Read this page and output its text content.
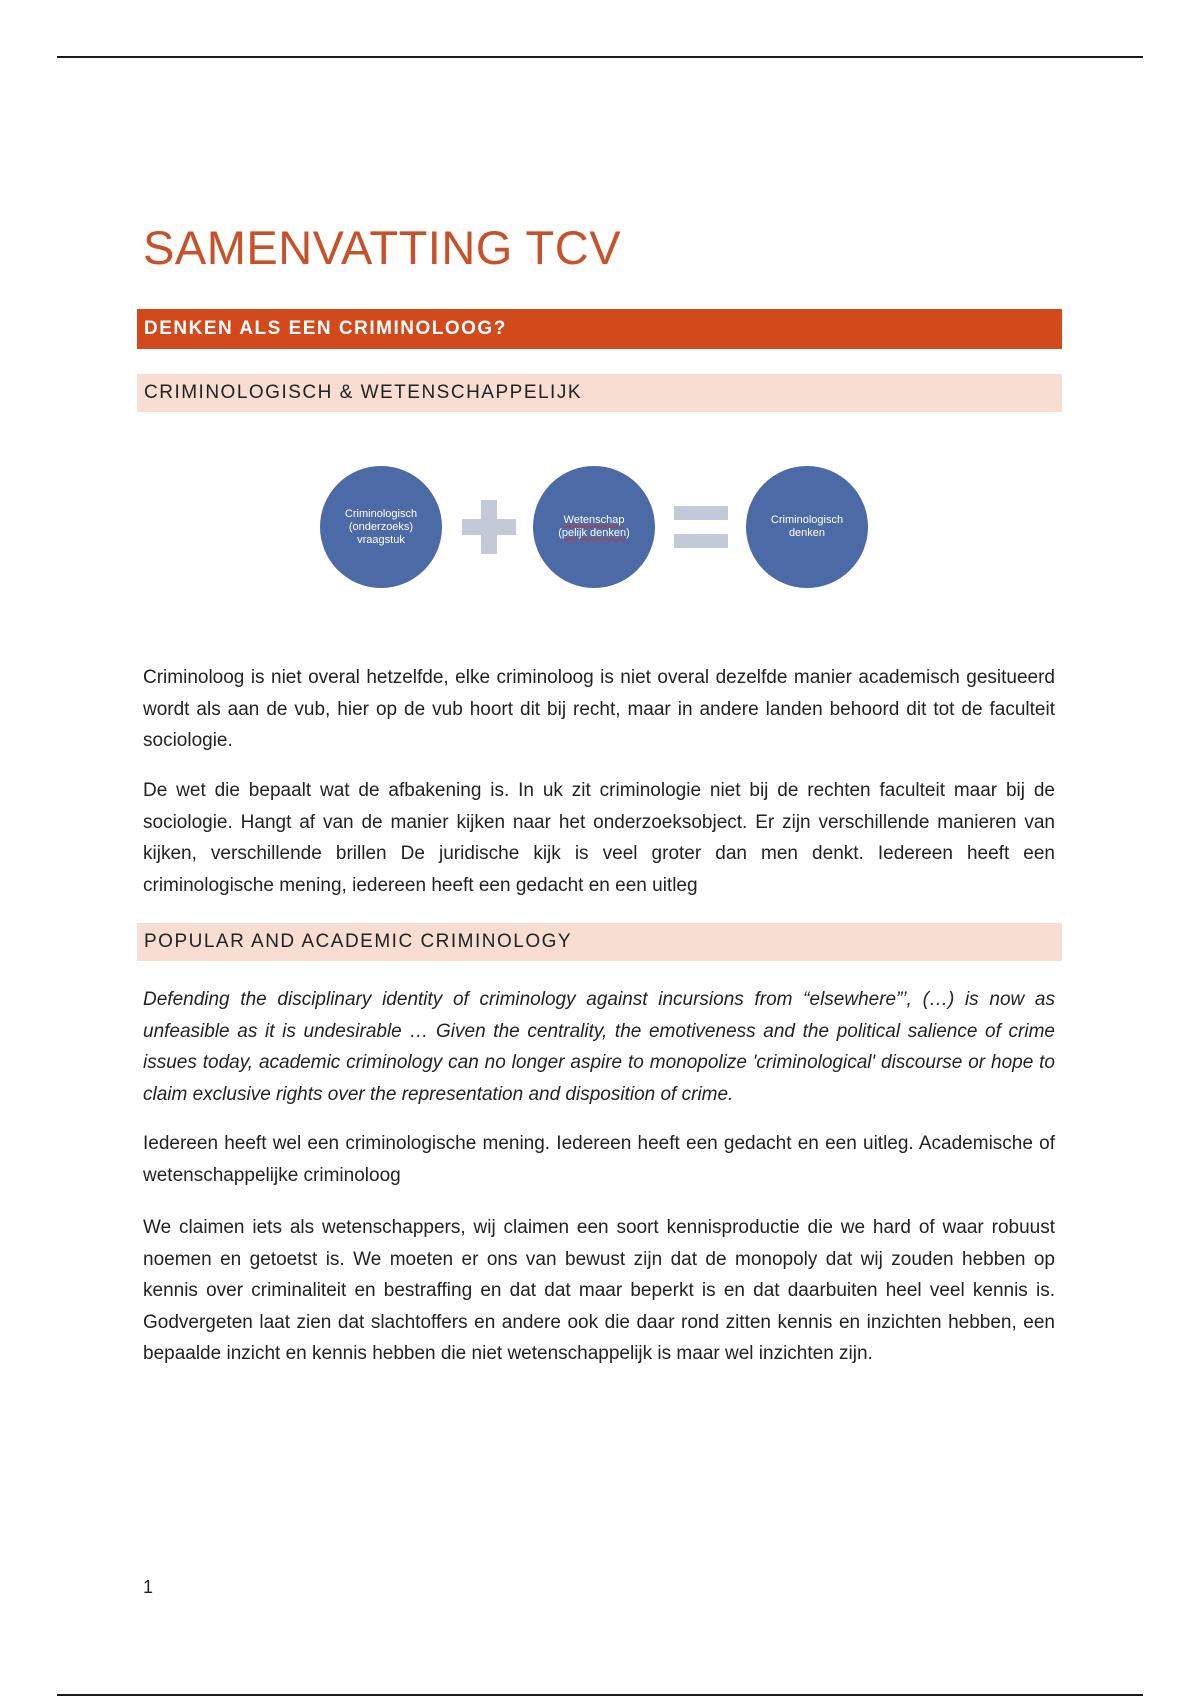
SAMENVATTING TCV
DENKEN ALS EEN CRIMINOLOOG?
CRIMINOLOGISCH & WETENSCHAPPELIJK
Criminologisch
(onderzoeks)
vraagstuk
Wetenschap
(pelijk denken)
Criminologisch
denken

Criminoloog is niet overal hetzelfde, elke criminoloog is niet overal dezelfde manier academisch gesitueerd wordt als aan de vub, hier op de vub hoort dit bij recht, maar in andere landen behoord dit tot de faculteit sociologie.

De wet die bepaalt wat de afbakening is. In uk zit criminologie niet bij de rechten faculteit maar bij de sociologie. Hangt af van de manier kijken naar het onderzoeksobject. Er zijn verschillende manieren van kijken, verschillende brillen De juridische kijk is veel groter dan men denkt. Iedereen heeft een criminologische mening, iedereen heeft een gedacht en een uitleg

POPULAR AND ACADEMIC CRIMINOLOGY

Defending the disciplinary identity of criminology against incursions from “elsewhere”’, (…) is now as unfeasible as it is undesirable … Given the centrality, the emotiveness and the political salience of crime issues today, academic criminology can no longer aspire to monopolize 'criminological' discourse or hope to claim exclusive rights over the representation and disposition of crime.

Iedereen heeft wel een criminologische mening. Iedereen heeft een gedacht en een uitleg. Academische of wetenschappelijke criminoloog

We claimen iets als wetenschappers, wij claimen een soort kennisproductie die we hard of waar robuust noemen en getoetst is. We moeten er ons van bewust zijn dat de monopoly dat wij zouden hebben op kennis over criminaliteit en bestraffing en dat dat maar beperkt is en dat daarbuiten heel veel kennis is. Godvergeten laat zien dat slachtoffers en andere ook die daar rond zitten kennis en inzichten hebben, een bepaalde inzicht en kennis hebben die niet wetenschappelijk is maar wel inzichten zijn.

1
